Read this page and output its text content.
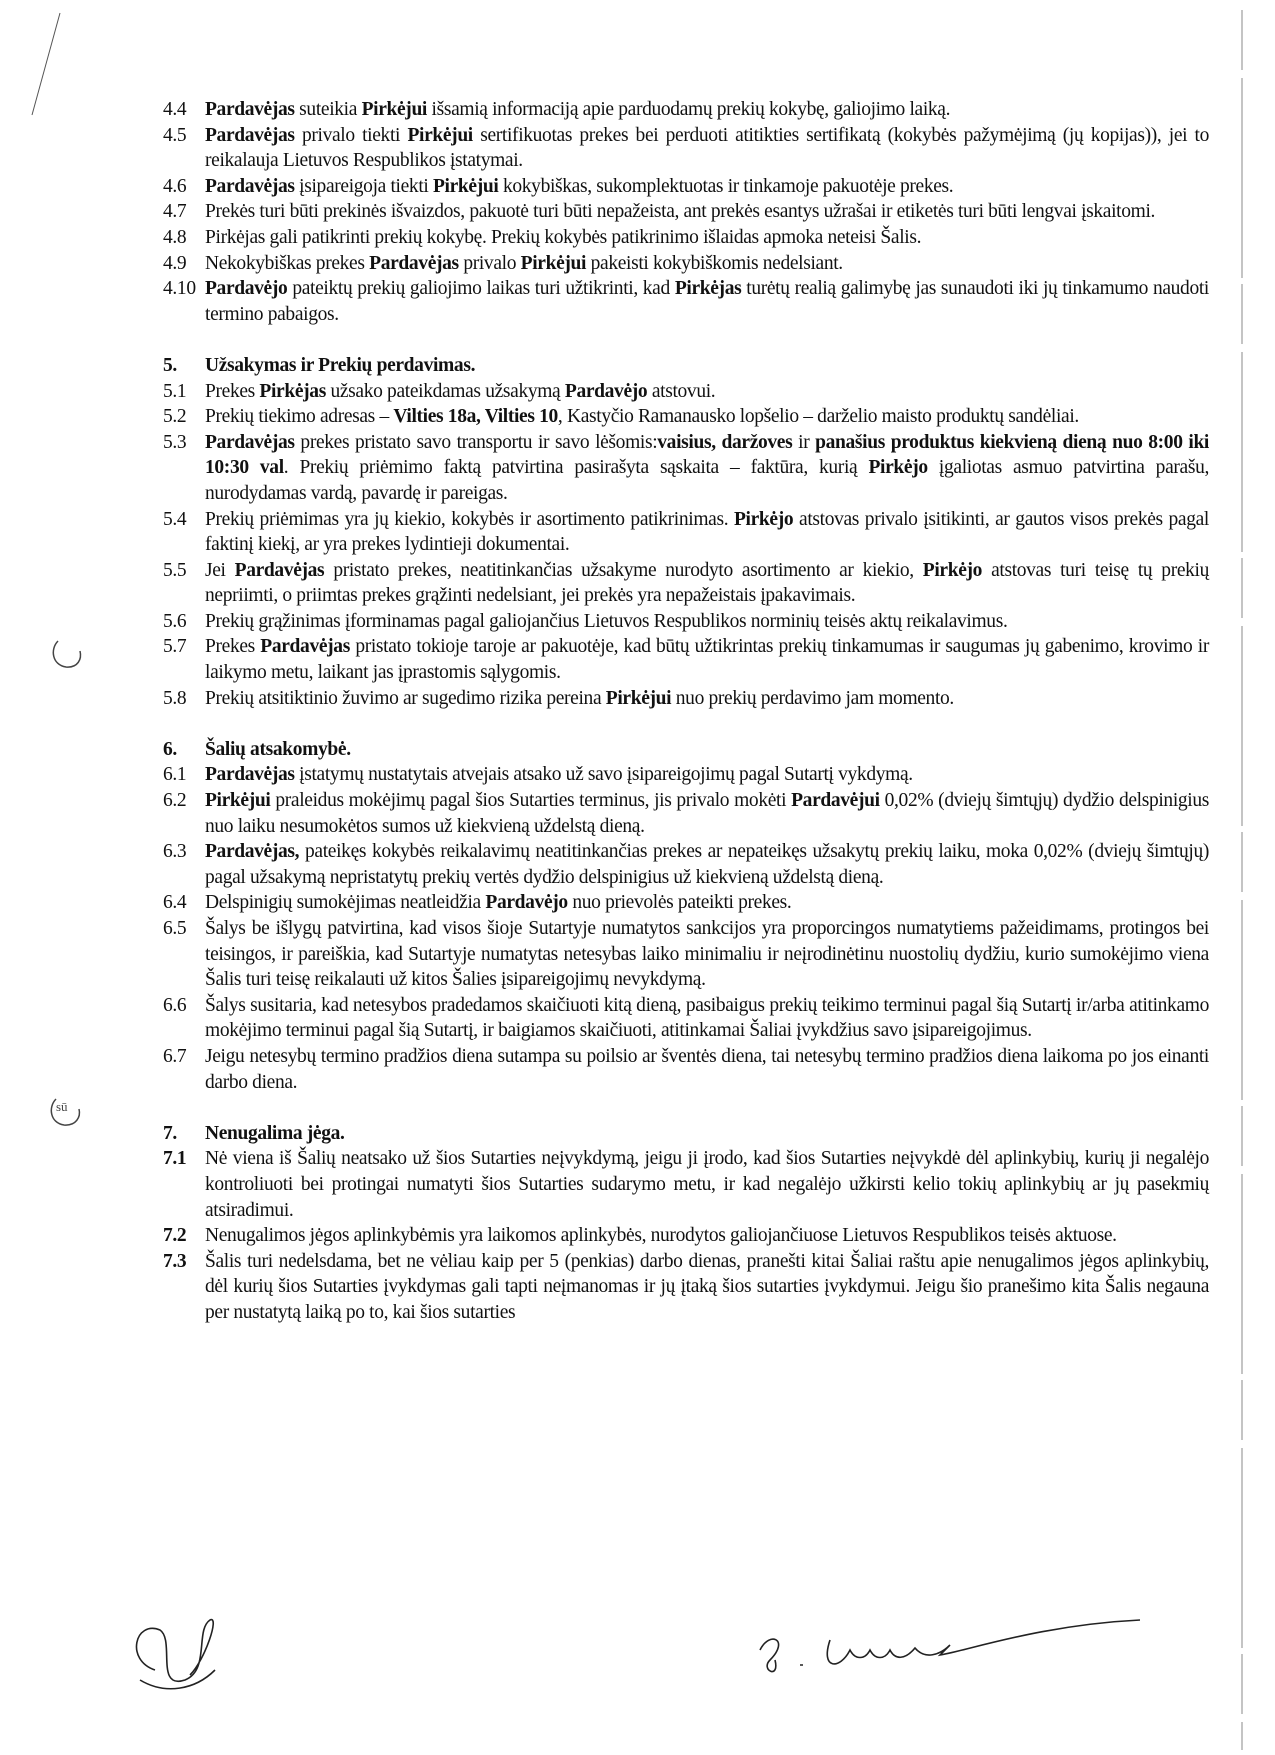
4.4 Pardavėjas suteikia Pirkėjui išsamią informaciją apie parduodamų prekių kokybę, galiojimo laiką.
4.5 Pardavėjas privalo tiekti Pirkėjui sertifikuotas prekes bei perduoti atitikties sertifikatą (kokybės pažymėjimą (jų kopijas)), jei to reikalauja Lietuvos Respublikos įstatymai.
4.6 Pardavėjas įsipareigoja tiekti Pirkėjui kokybiškas, sukomplektuotas ir tinkamoje pakuotėje prekes.
4.7 Prekės turi būti prekinės išvaizdos, pakuotė turi būti nepažeista, ant prekės esantys užrašai ir etiketės turi būti lengvai įskaitomi.
4.8 Pirkėjas gali patikrinti prekių kokybę. Prekių kokybės patikrinimo išlaidas apmoka neteisi Šalis.
4.9 Nekokybiškas prekes Pardavėjas privalo Pirkėjui pakeisti kokybiškomis nedelsiant.
4.10 Pardavėjo pateiktų prekių galiojimo laikas turi užtikrinti, kad Pirkėjas turėtų realią galimybę jas sunaudoti iki jų tinkamumo naudoti termino pabaigos.
5.	Užsakymas ir Prekių perdavimas.
5.1 Prekes Pirkėjas užsako pateikdamas užsakymą Pardavėjo atstovui.
5.2 Prekių tiekimo adresas – Vilties 18a, Vilties 10, Kastyčio Ramanausko lopšelio – darželio maisto produktų sandėliai.
5.3 Pardavėjas prekes pristato savo transportu ir savo lėšomis:vaisius, daržoves ir panašius produktus kiekvieną dieną nuo 8:00 iki 10:30 val. Prekių priėmimo faktą patvirtina pasirašyta sąskaita – faktūra, kurią Pirkėjo įgaliotas asmuo patvirtina parašu, nurodydamas vardą, pavardę ir pareigas.
5.4 Prekių priėmimas yra jų kiekio, kokybės ir asortimento patikrinimas. Pirkėjo atstovas privalo įsitikinti, ar gautos visos prekės pagal faktinį kiekį, ar yra prekes lydintieji dokumentai.
5.5 Jei Pardavėjas pristato prekes, neatitinkančias užsakyme nurodyto asortimento ar kiekio, Pirkėjo atstovas turi teisę tų prekių nepriimti, o priimtas prekes grąžinti nedelsiant, jei prekės yra nepažeistais įpakavimais.
5.6 Prekių grąžinimas įforminamas pagal galiojančius Lietuvos Respublikos norminių teisės aktų reikalavimus.
5.7 Prekes Pardavėjas pristato tokioje taroje ar pakuotėje, kad būtų užtikrintas prekių tinkamumas ir saugumas jų gabenimo, krovimo ir laikymo metu, laikant jas įprastomis sąlygomis.
5.8 Prekių atsitiktinio žuvimo ar sugedimo rizika pereina Pirkėjui nuo prekių perdavimo jam momento.
6.	Šalių atsakomybė.
6.1 Pardavėjas įstatymų nustatytais atvejais atsako už savo įsipareigojimų pagal Sutartį vykdymą.
6.2 Pirkėjui praleidus mokėjimų pagal šios Sutarties terminus, jis privalo mokėti Pardavėjui 0,02% (dviejų šimtųjų) dydžio delspinigius nuo laiku nesumokėtos sumos už kiekvieną uždelstą dieną.
6.3 Pardavėjas, pateikęs kokybės reikalavimų neatitinkančias prekes ar nepateikęs užsakytų prekių laiku, moka 0,02% (dviejų šimtųjų) pagal užsakymą nepristatytų prekių vertės dydžio delspinigius už kiekvieną uždelstą dieną.
6.4 Delspinigių sumokėjimas neatleidžia Pardavėjo nuo prievolės pateikti prekes.
6.5 Šalys be išlygų patvirtina, kad visos šioje Sutartyje numatytos sankcijos yra proporcingos numatytiems pažeidimams, protingos bei teisingos, ir pareiškia, kad Sutartyje numatytas netesybas laiko minimaliu ir neįrodinėtinu nuostolių dydžiu, kurio sumokėjimo viena Šalis turi teisę reikalauti už kitos Šalies įsipareigojimų nevykdymą.
6.6 Šalys susitaria, kad netesybos pradedamos skaičiuoti kitą dieną, pasibaigus prekių teikimo terminui pagal šią Sutartį ir/arba atitinkamo mokėjimo terminui pagal šią Sutartį, ir baigiamos skaičiuoti, atitinkamai Šaliai įvykdžius savo įsipareigojimus.
6.7 Jeigu netesybų termino pradžios diena sutampa su poilsio ar šventės diena, tai netesybų termino pradžios diena laikoma po jos einanti darbo diena.
7.	Nenugalima jėga.
7.1 Nė viena iš Šalių neatsako už šios Sutarties neįvykdymą, jeigu ji įrodo, kad šios Sutarties neįvykdė dėl aplinkybių, kurių ji negalėjo kontroliuoti bei protingai numatyti šios Sutarties sudarymo metu, ir kad negalėjo užkirsti kelio tokių aplinkybių ar jų pasekmių atsiradimui.
7.2 Nenugalimos jėgos aplinkybėmis yra laikomos aplinkybės, nurodytos galiojančiuose Lietuvos Respublikos teisės aktuose.
7.3 Šalis turi nedelsdama, bet ne vėliau kaip per 5 (penkias) darbo dienas, pranešti kitai Šaliai raštu apie nenugalimos jėgos aplinkybių, dėl kurių šios Sutarties įvykdymas gali tapti neįmanomas ir jų įtaką šios sutarties įvykdymui. Jeigu šio pranešimo kita Šalis negauna per nustatytą laiką po to, kai šios sutarties
sū
